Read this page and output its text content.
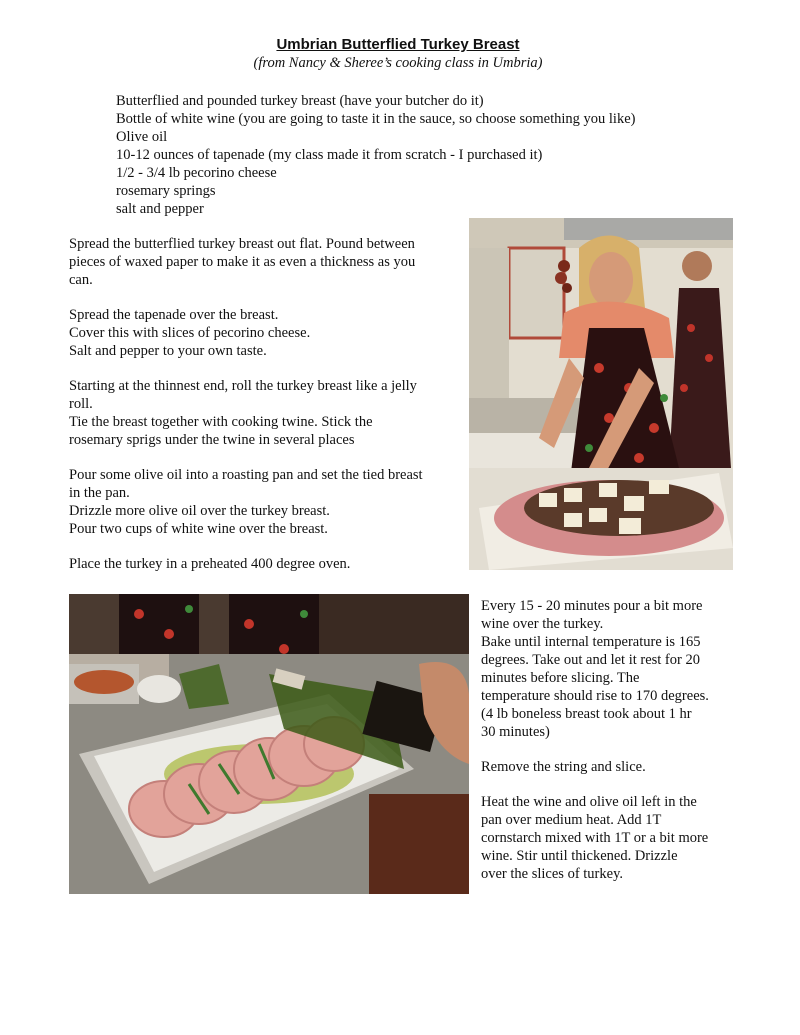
Umbrian Butterflied Turkey Breast
(from Nancy & Sheree’s cooking class in Umbria)
Butterflied and pounded turkey breast (have your butcher do it)
Bottle of white wine (you are going to taste it in the sauce, so choose something you like)
Olive oil
10-12 ounces of tapenade (my class made it from scratch - I purchased it)
1/2 - 3/4 lb pecorino cheese
rosemary springs
salt and pepper
Spread the butterflied turkey breast out flat. Pound between
pieces of waxed paper to make it as even a thickness as you
can.
Spread the tapenade over the breast.
Cover this with slices of pecorino cheese.
Salt and pepper to your own taste.
Starting at the thinnest end, roll the turkey breast like a jelly
roll.
Tie the breast together with cooking twine. Stick the
rosemary sprigs under the twine in several places
Pour some olive oil into a roasting pan and set the tied breast
in the pan.
Drizzle more olive oil over the turkey breast.
Pour two cups of white wine over the breast.
Place the turkey in a preheated 400 degree oven.
Every 15 - 20 minutes pour a bit more
wine over the turkey.
Bake until internal temperature is 165
degrees. Take out and let it rest for 20
minutes before slicing. The
temperature should rise to 170 degrees.
(4 lb boneless breast took about 1 hr
30 minutes)
Remove the string and slice.
Heat the wine and olive oil left in the
pan over medium heat. Add 1T
cornstarch mixed with 1T or a bit more
wine. Stir until thickened. Drizzle
over the slices of turkey.
